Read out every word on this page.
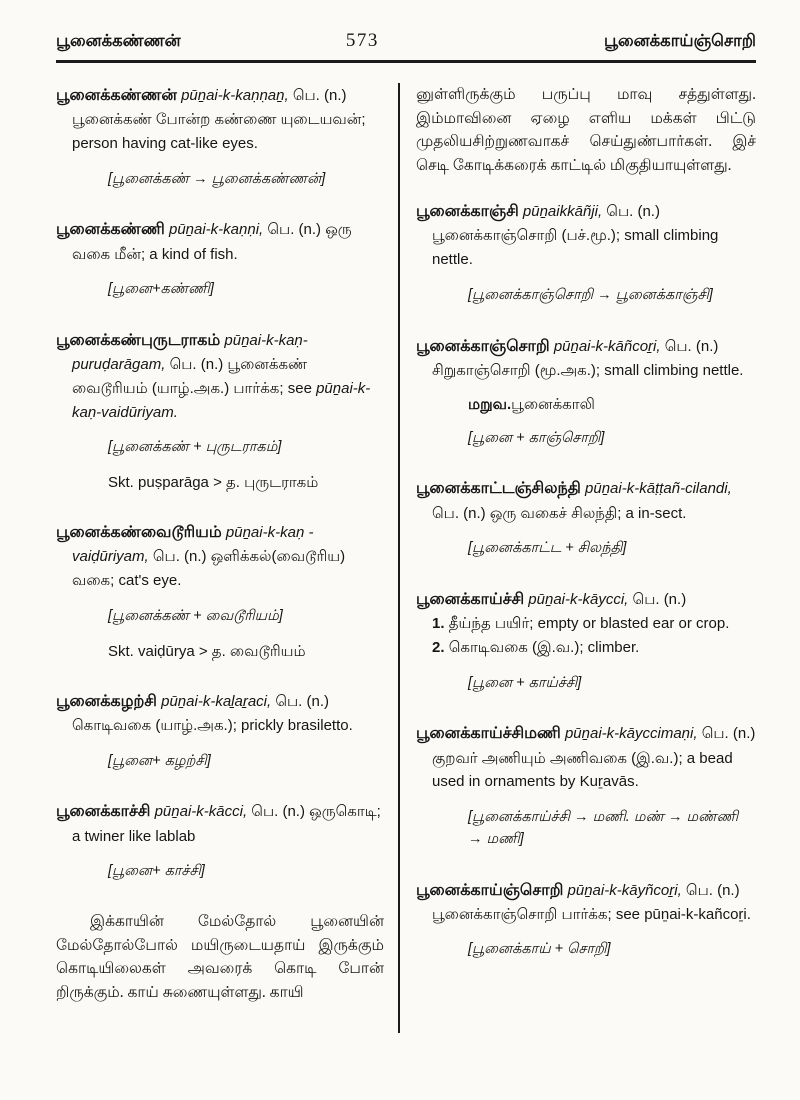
பூனைக்கண்ணன்	573	பூனைக்காய்ஞ்சொறி

பூனைக்கண்ணன் pūṉai-k-kaṇṇaṉ, பெ. (n.) பூனைக்கண் போன்ற கண்ணை யுடையவன்; person having cat-like eyes.

[பூனைக்கண் → பூனைக்கண்ணன்]

பூனைக்கண்ணி pūṉai-k-kaṇṇi, பெ. (n.) ஒரு வகை மீன்; a kind of fish.

[பூனை+கண்ணி]

பூனைக்கண்புருடராகம் pūṉai-k-kaṇ-puruḍarāgam, பெ. (n.) பூனைக்கண் வைடூரியம் (யாழ்.அக.) பார்க்க; see pūṉai-k-kaṇ-vaidūriyam.

[பூனைக்கண் + புருடராகம்]

Skt. puṣparāga > த. புருடராகம்

பூனைக்கண்வைடூரியம் pūṉai-k-kaṇ - vaiḍūriyam, பெ. (n.) ஒளிக்கல்(வைடூரிய) வகை; cat's eye.

[பூனைக்கண் + வைடூரியம்]

Skt. vaiḍūrya > த. வைடூரியம்

பூனைக்கழற்சி pūṉai-k-kaḻaṟaci, பெ. (n.) கொடிவகை (யாழ்.அக.); prickly brasiletto.

[பூனை+ கழற்சி]

பூனைக்காச்சி pūṉai-k-kācci, பெ. (n.) ஒருகொடி; a twiner like lablab

[பூனை+ காச்சி]

இக்காயின் மேல்தோல் பூனையின் மேல்தோல்போல் மயிருடையதாய் இருக்கும் கொடியிலைகள் அவரைக் கொடி போன் றிருக்கும். காய் சுணையுள்ளது. காயி

னுள்ளிருக்கும் பருப்பு மாவு சத்துள்ளது. இம்மாவினை ஏழை எளிய மக்கள் பிட்டு முதலியசிற்றுணவாகச் செய்துண்பார்கள். இச் செடி கோடிக்கரைக் காட்டில் மிகுதியாயுள்ளது.

பூனைக்காஞ்சி pūṉaikkāñji, பெ. (n.) பூனைக்காஞ்சொறி (பச்.மூ.); small climbing nettle.

[பூனைக்காஞ்சொறி → பூனைக்காஞ்சி]

பூனைக்காஞ்சொறி pūṉai-k-kāñcoṟi, பெ. (n.) சிறுகாஞ்சொறி (மூ.அக.); small climbing nettle.

மறுவ.பூனைக்காலி

[பூனை + காஞ்சொறி]

பூனைக்காட்டஞ்சிலந்தி pūṉai-k-kāṭṭañ-cilandi, பெ. (n.) ஒரு வகைச் சிலந்தி; a in-sect.

[பூனைக்காட்ட + சிலந்தி]

பூனைக்காய்ச்சி pūṉai-k-kāycci, பெ. (n.)

1. தீய்ந்த பயிர்; empty or blasted ear or crop.

2. கொடிவகை (இ.வ.); climber.

[பூனை + காய்ச்சி]

பூனைக்காய்ச்சிமணி pūṉai-k-kāyccimaṇi, பெ. (n.) குறவர் அணியும் அணிவகை (இ.வ.); a bead used in ornaments by Kuṟavās.

[பூனைக்காய்ச்சி → மணி. மண் → மண்ணி → மணி]

பூனைக்காய்ஞ்சொறி pūṉai-k-kāyñcoṟi, பெ. (n.) பூனைக்காஞ்சொறி பார்க்க; see pūṉai-k-kañcoṟi.

[பூனைக்காய் + சொறி]
